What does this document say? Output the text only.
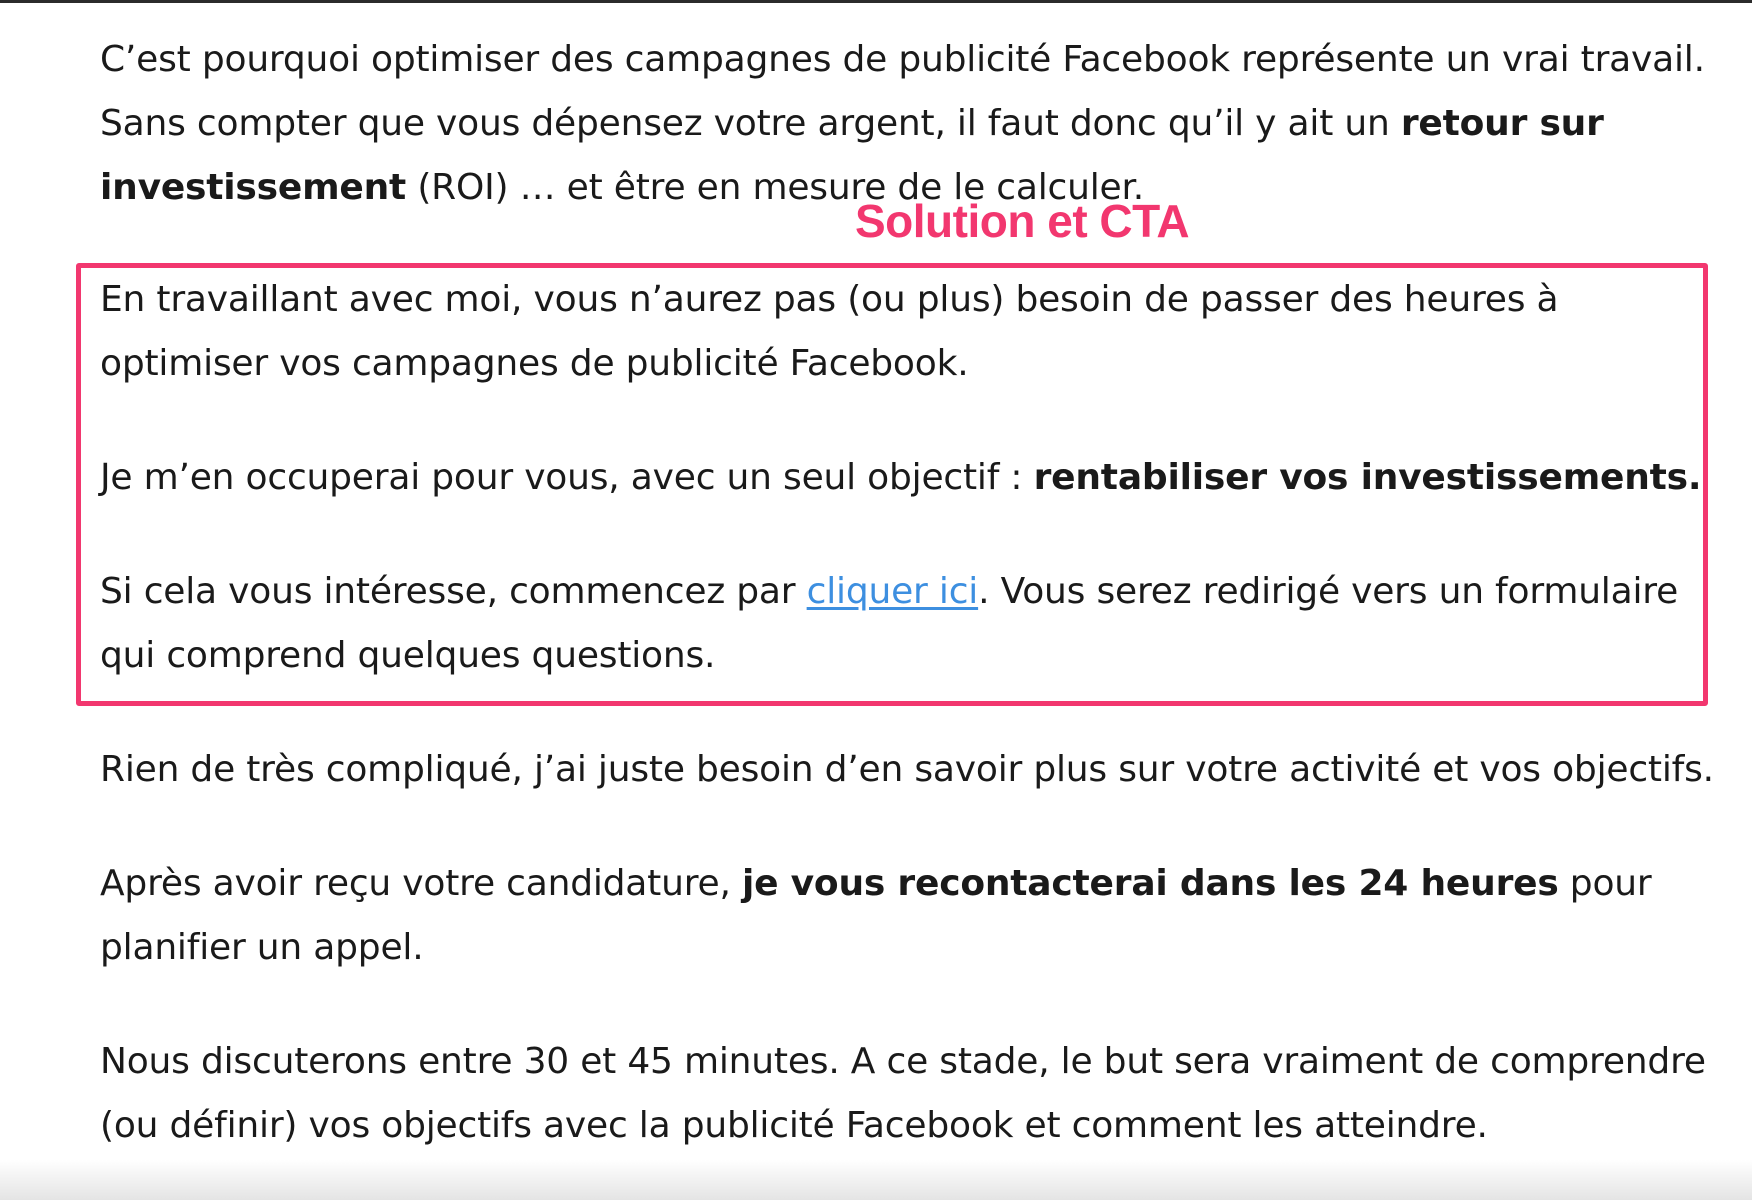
C’est pourquoi optimiser des campagnes de publicité Facebook représente un vrai travail. Sans compter que vous dépensez votre argent, il faut donc qu’il y ait un retour sur investissement (ROI) … et être en mesure de le calculer.

En travaillant avec moi, vous n’aurez pas (ou plus) besoin de passer des heures à optimiser vos campagnes de publicité Facebook.

Je m’en occuperai pour vous, avec un seul objectif : rentabiliser vos investissements.

Si cela vous intéresse, commencez par cliquer ici. Vous serez redirigé vers un formulaire qui comprend quelques questions.

Rien de très compliqué, j’ai juste besoin d’en savoir plus sur votre activité et vos objectifs.

Après avoir reçu votre candidature, je vous recontacterai dans les 24 heures pour planifier un appel.

Nous discuterons entre 30 et 45 minutes. A ce stade, le but sera vraiment de comprendre (ou définir) vos objectifs avec la publicité Facebook et comment les atteindre.

Solution et CTA
